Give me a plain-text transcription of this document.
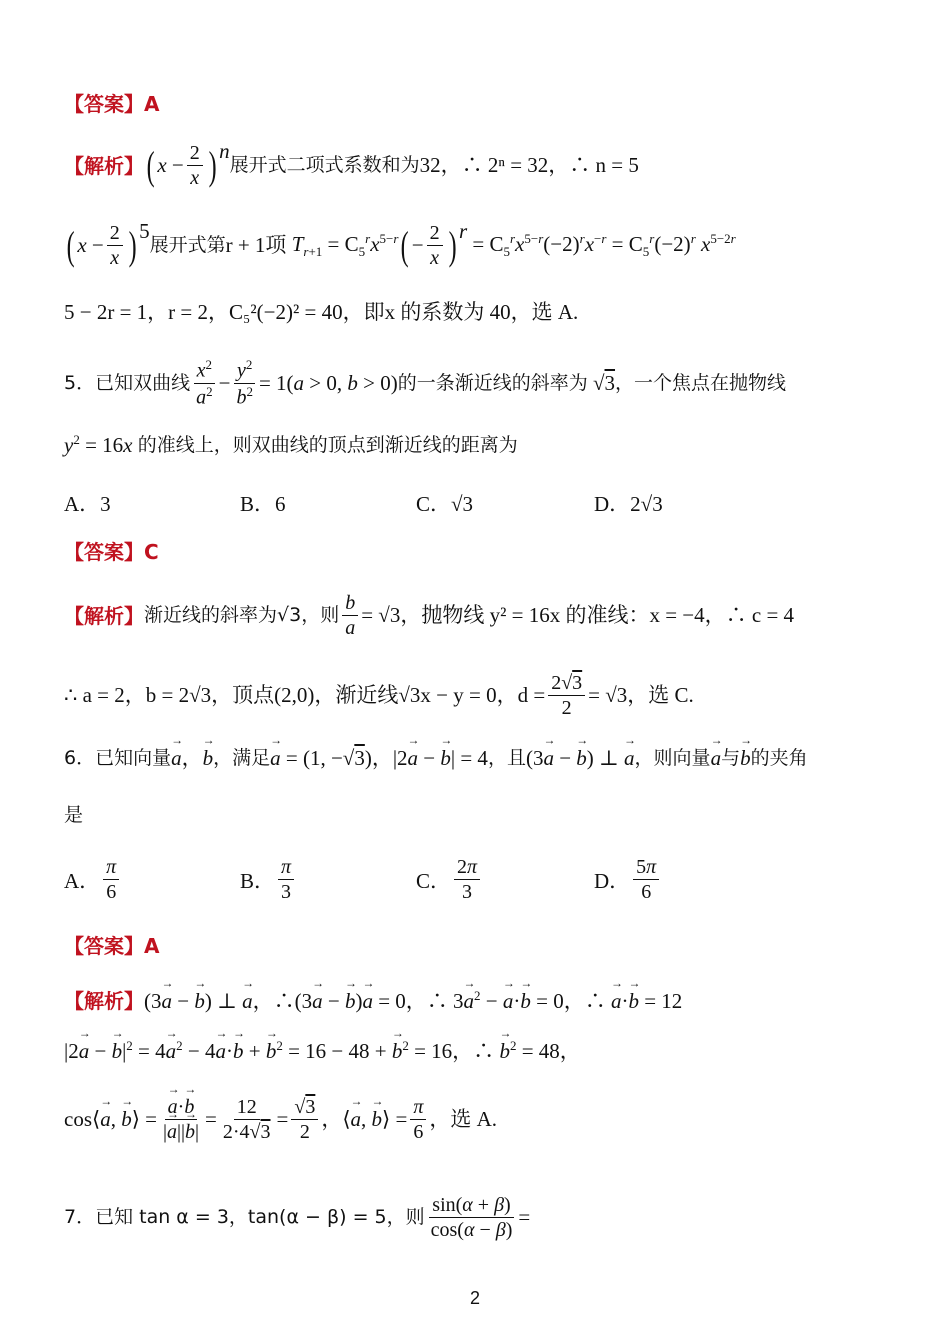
【答案】 A
【解析】 ( $x - \frac{2}{x}$ ) n
展开式二项式系数和为 32，∴ 2ⁿ = 32，∴ n = 5
( $x - \frac{2}{x}$ ) 5
展开式第 r + 1项 $T_{r+1} = C_5^rx^{5-r}$ ( − $\frac{2}{x}$ ) r
= $C_5^rx^{5-r}(-2)^rx^{-r} = C_5^r(-2)^r$ $x^{5-2r}$
5 − 2r = 1，r = 2，C₅²(−2)² = 40，即x 的系数为 40，选 A.
5．已知双曲线 $\frac{x^2}{a^2} - \frac{y^2}{b^2} = 1(a > 0$, b > 0) 的一条渐近线的斜率为 √3 ，一个焦点在抛物线
$y^2 = 16x$ 的准线上，则双曲线的顶点到渐近线的距离为
A．3	B．6	C．√3	D．2√3
【答案】 C
【解析】 渐近线的斜率为√3，则 $\frac{b}{a} = √3$，抛物线 y² = 16x 的准线：x = −4，∴ c = 4
∴ a = 2，b = 2√3，顶点(2,0)，渐近线√3x − y = 0，$d = \frac{2√3}{2} = √3$，选 C.
6．已知向量 → a ， → b ，满足 → a = (1, −√3)，|2→ a − → b| = 4 ，且 (3→ a − → b) ⊥ → a ，则向量 → a 与 → b 的夹角
是
A． $\frac{\pi}{6}$	B． $\frac{\pi}{3}$	C． $\frac{2\pi}{3}$	D． $\frac{5\pi}{6}$
【答案】 A
【解析】 (3→ a − → b) ⊥ → a，∴(3→ a − → b)→ a = 0，∴ $3\to a^2$ − → a·→ b = 0，∴ → a·→ b = 12
|2→ a − → $b|^2 = 4\to a^2 - 4\to a\cdot\to b$ + → $b^2 = 16 - 48$ + → $b^2 = 16$，∴ → $b^2 = 48$，
cos⟨→ a, → b⟩ = → $\frac{a\cdot\to b}{|\to a||\to b|} = \frac{12}{2\cdot 4√3} = \frac{√3}{2}$ ，⟨→ a, → b⟩ = $\frac{\pi}{6}$ ，选 A.
7．已知 tan α = 3，tan(α − β) = 5，则 $\frac{\sin(\alpha + \beta)}{\cos(\alpha - \beta)}$ =
2
